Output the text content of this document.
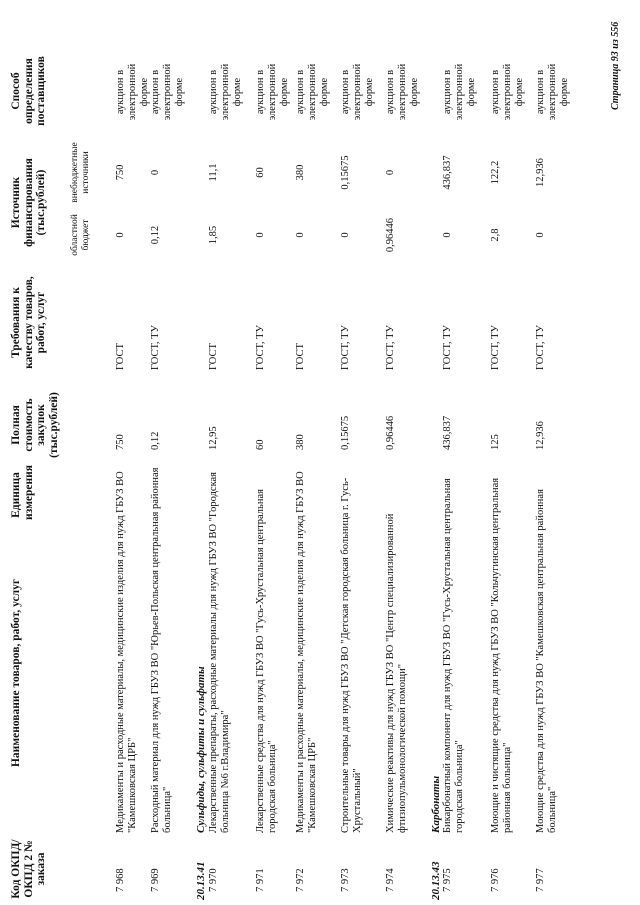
Код ОКПД/ ОКПД 2 № заказа
Наименование товаров, работ, услуг
Единица измерения
Полная стоимость закупок (тыс.рублей)
Требования к качеству товаров, работ, услуг
Источник финансирования (тыс.рублей) областной бюджет
внебюджетные источники
Способ определения поставщиков
7 968
Медикаменты и расходные материалы, медицинские изделия для нужд ГБУЗ ВО "Камешковская ЦРБ"
750
ГОСТ
0
750
аукцион в электронной форме
7 969
Расходный материал для нужд ГБУЗ ВО "Юрьев-Польская центральная районная больница"
0,12
ГОСТ, ТУ
0,12
0
аукцион в электронной форме
20.13.41
Сульфиды, сульфиты и сульфаты
7 970
Лекарственные препараты, расходные материалы для нужд ГБУЗ ВО "Городская больница №6 г.Владимира"
12,95
ГОСТ
1,85
11,1
аукцион в электронной форме
7 971
Лекарственные средства для нужд ГБУЗ ВО "Гусь-Хрустальная центральная городская больница"
60
ГОСТ, ТУ
0
60
аукцион в электронной форме
7 972
Медикаменты и расходные материалы, медицинские изделия для нужд ГБУЗ ВО "Камешковская ЦРБ"
380
ГОСТ
0
380
аукцион в электронной форме
7 973
Строительные товары для нужд ГБУЗ ВО "Детская городская больница г. Гусь-Хрустальный"
0,15675
ГОСТ, ТУ
0
0,15675
аукцион в электронной форме
7 974
Химические реактивы для нужд ГБУЗ ВО "Центр специализированной фтизиопульмонологической помощи"
0,96446
ГОСТ, ТУ
0,96446
0
аукцион в электронной форме
20.13.43
Карбонаты
7 975
Бикарбонатный компонент для нужд ГБУЗ ВО "Гусь-Хрустальная центральная городская больница"
436,837
ГОСТ, ТУ
0
436,837
аукцион в электронной форме
7 976
Моющие и чистящие средства для нужд ГБУЗ ВО "Кольчугинская центральная районная больница"
125
ГОСТ, ТУ
2,8
122,2
аукцион в электронной форме
7 977
Моющие средства для нужд ГБУЗ ВО "Камешковская центральная районная больница"
12,936
ГОСТ, ТУ
0
12,936
аукцион в электронной форме	Страница 93 из 556
